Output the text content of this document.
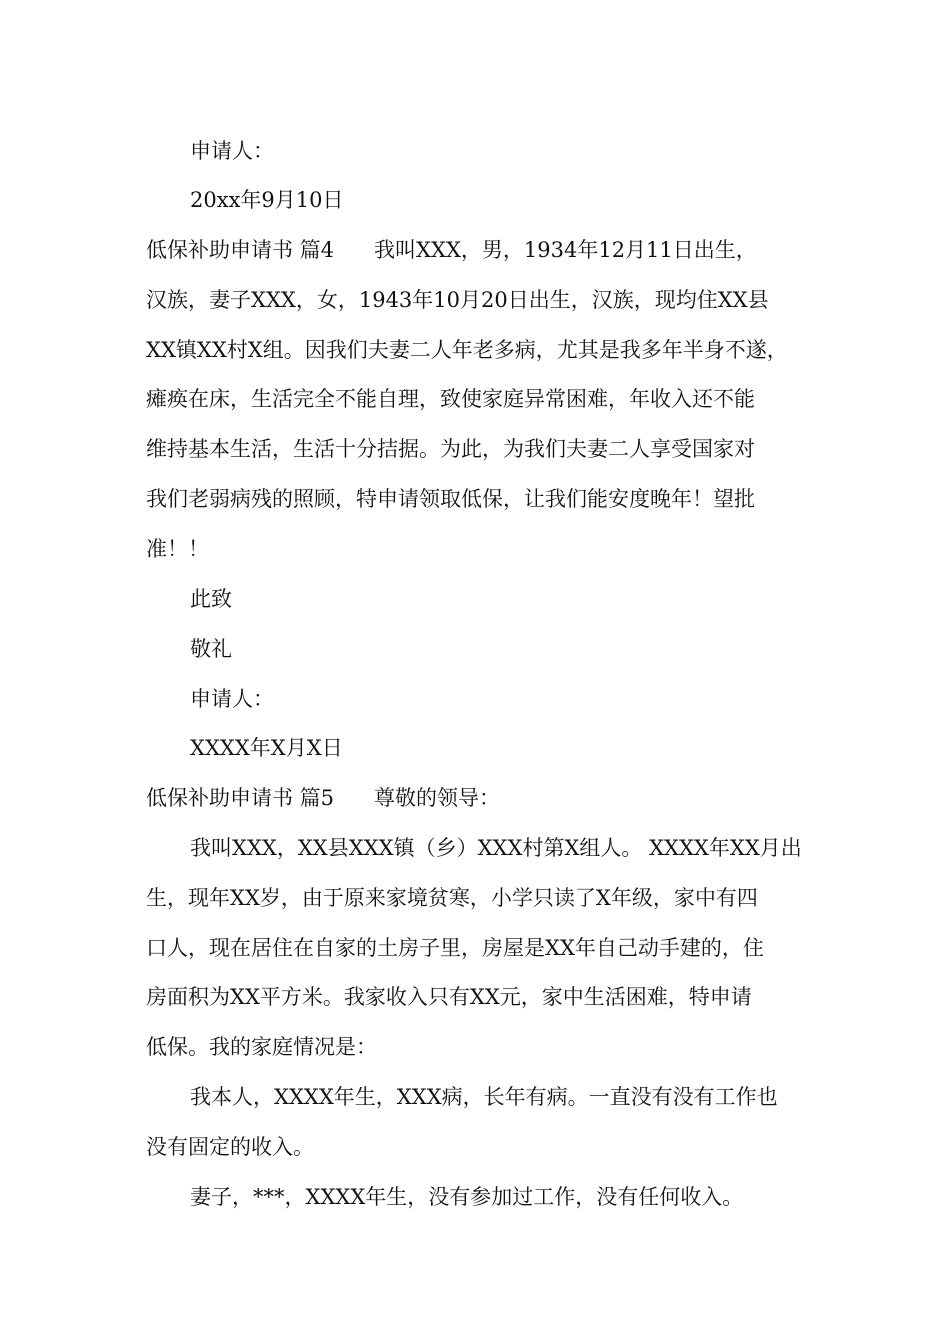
申请人：
20xx年9月10日
低保补助申请书 篇4 我叫XXX，男，1934年12月11日出生，
汉族，妻子XXX，女，1943年10月20日出生，汉族，现均住XX县
XX镇XX村X组。因我们夫妻二人年老多病，尤其是我多年半身不遂，
瘫痪在床，生活完全不能自理，致使家庭异常困难，年收入还不能
维持基本生活，生活十分拮据。为此，为我们夫妻二人享受国家对
我们老弱病残的照顾，特申请领取低保，让我们能安度晚年！望批
准！！
此致
敬礼
申请人：
XXXX年X月X日
低保补助申请书 篇5 尊敬的领导：
我叫XXX，XX县XXX镇（乡）XXX村第X组人。 XXXX年XX月出
生，现年XX岁，由于原来家境贫寒，小学只读了X年级，家中有四
口人，现在居住在自家的土房子里，房屋是XX年自己动手建的，住
房面积为XX平方米。我家收入只有XX元，家中生活困难，特申请
低保。我的家庭情况是：
我本人，XXXX年生，XXX病，长年有病。一直没有没有工作也
没有固定的收入。
妻子，***，XXXX年生，没有参加过工作，没有任何收入。
